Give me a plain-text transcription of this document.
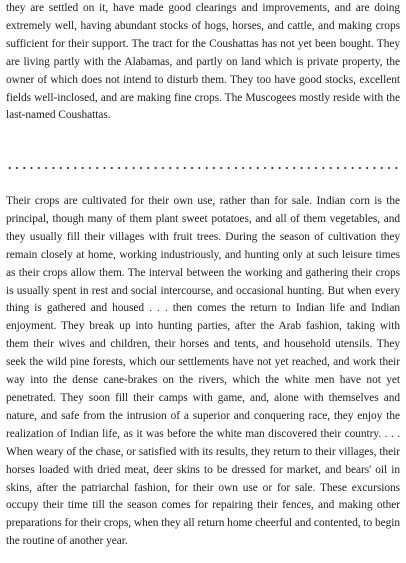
they are settled on it, have made good clearings and improvements, and are doing extremely well, having abundant stocks of hogs, horses, and cattle, and making crops sufficient for their support. The tract for the Coushattas has not yet been bought. They are living partly with the Alabamas, and partly on land which is private property, the owner of which does not intend to disturb them. They too have good stocks, excellent fields well-inclosed, and are making fine crops. The Muscogees mostly reside with the last-named Coushattas.

Their crops are cultivated for their own use, rather than for sale. Indian corn is the principal, though many of them plant sweet potatoes, and all of them vegetables, and they usually fill their villages with fruit trees. During the season of cultivation they remain closely at home, working industriously, and hunting only at such leisure times as their crops allow them. The interval between the working and gathering their crops is usually spent in rest and social intercourse, and occasional hunting. But when every thing is gathered and housed . . . then comes the return to Indian life and Indian enjoyment. They break up into hunting parties, after the Arab fashion, taking with them their wives and children, their horses and tents, and household utensils. They seek the wild pine forests, which our settlements have not yet reached, and work their way into the dense cane-brakes on the rivers, which the white men have not yet penetrated. They soon fill their camps with game, and, alone with themselves and nature, and safe from the intrusion of a superior and conquering race, they enjoy the realization of Indian life, as it was before the white man discovered their country. . . . When weary of the chase, or satisfied with its results, they return to their villages, their horses loaded with dried meat, deer skins to be dressed for market, and bears' oil in skins, after the patriarchal fashion, for their own use or for sale. These excursions occupy their time till the season comes for repairing their fences, and making other preparations for their crops, when they all return home cheerful and contented, to begin the routine of another year.
